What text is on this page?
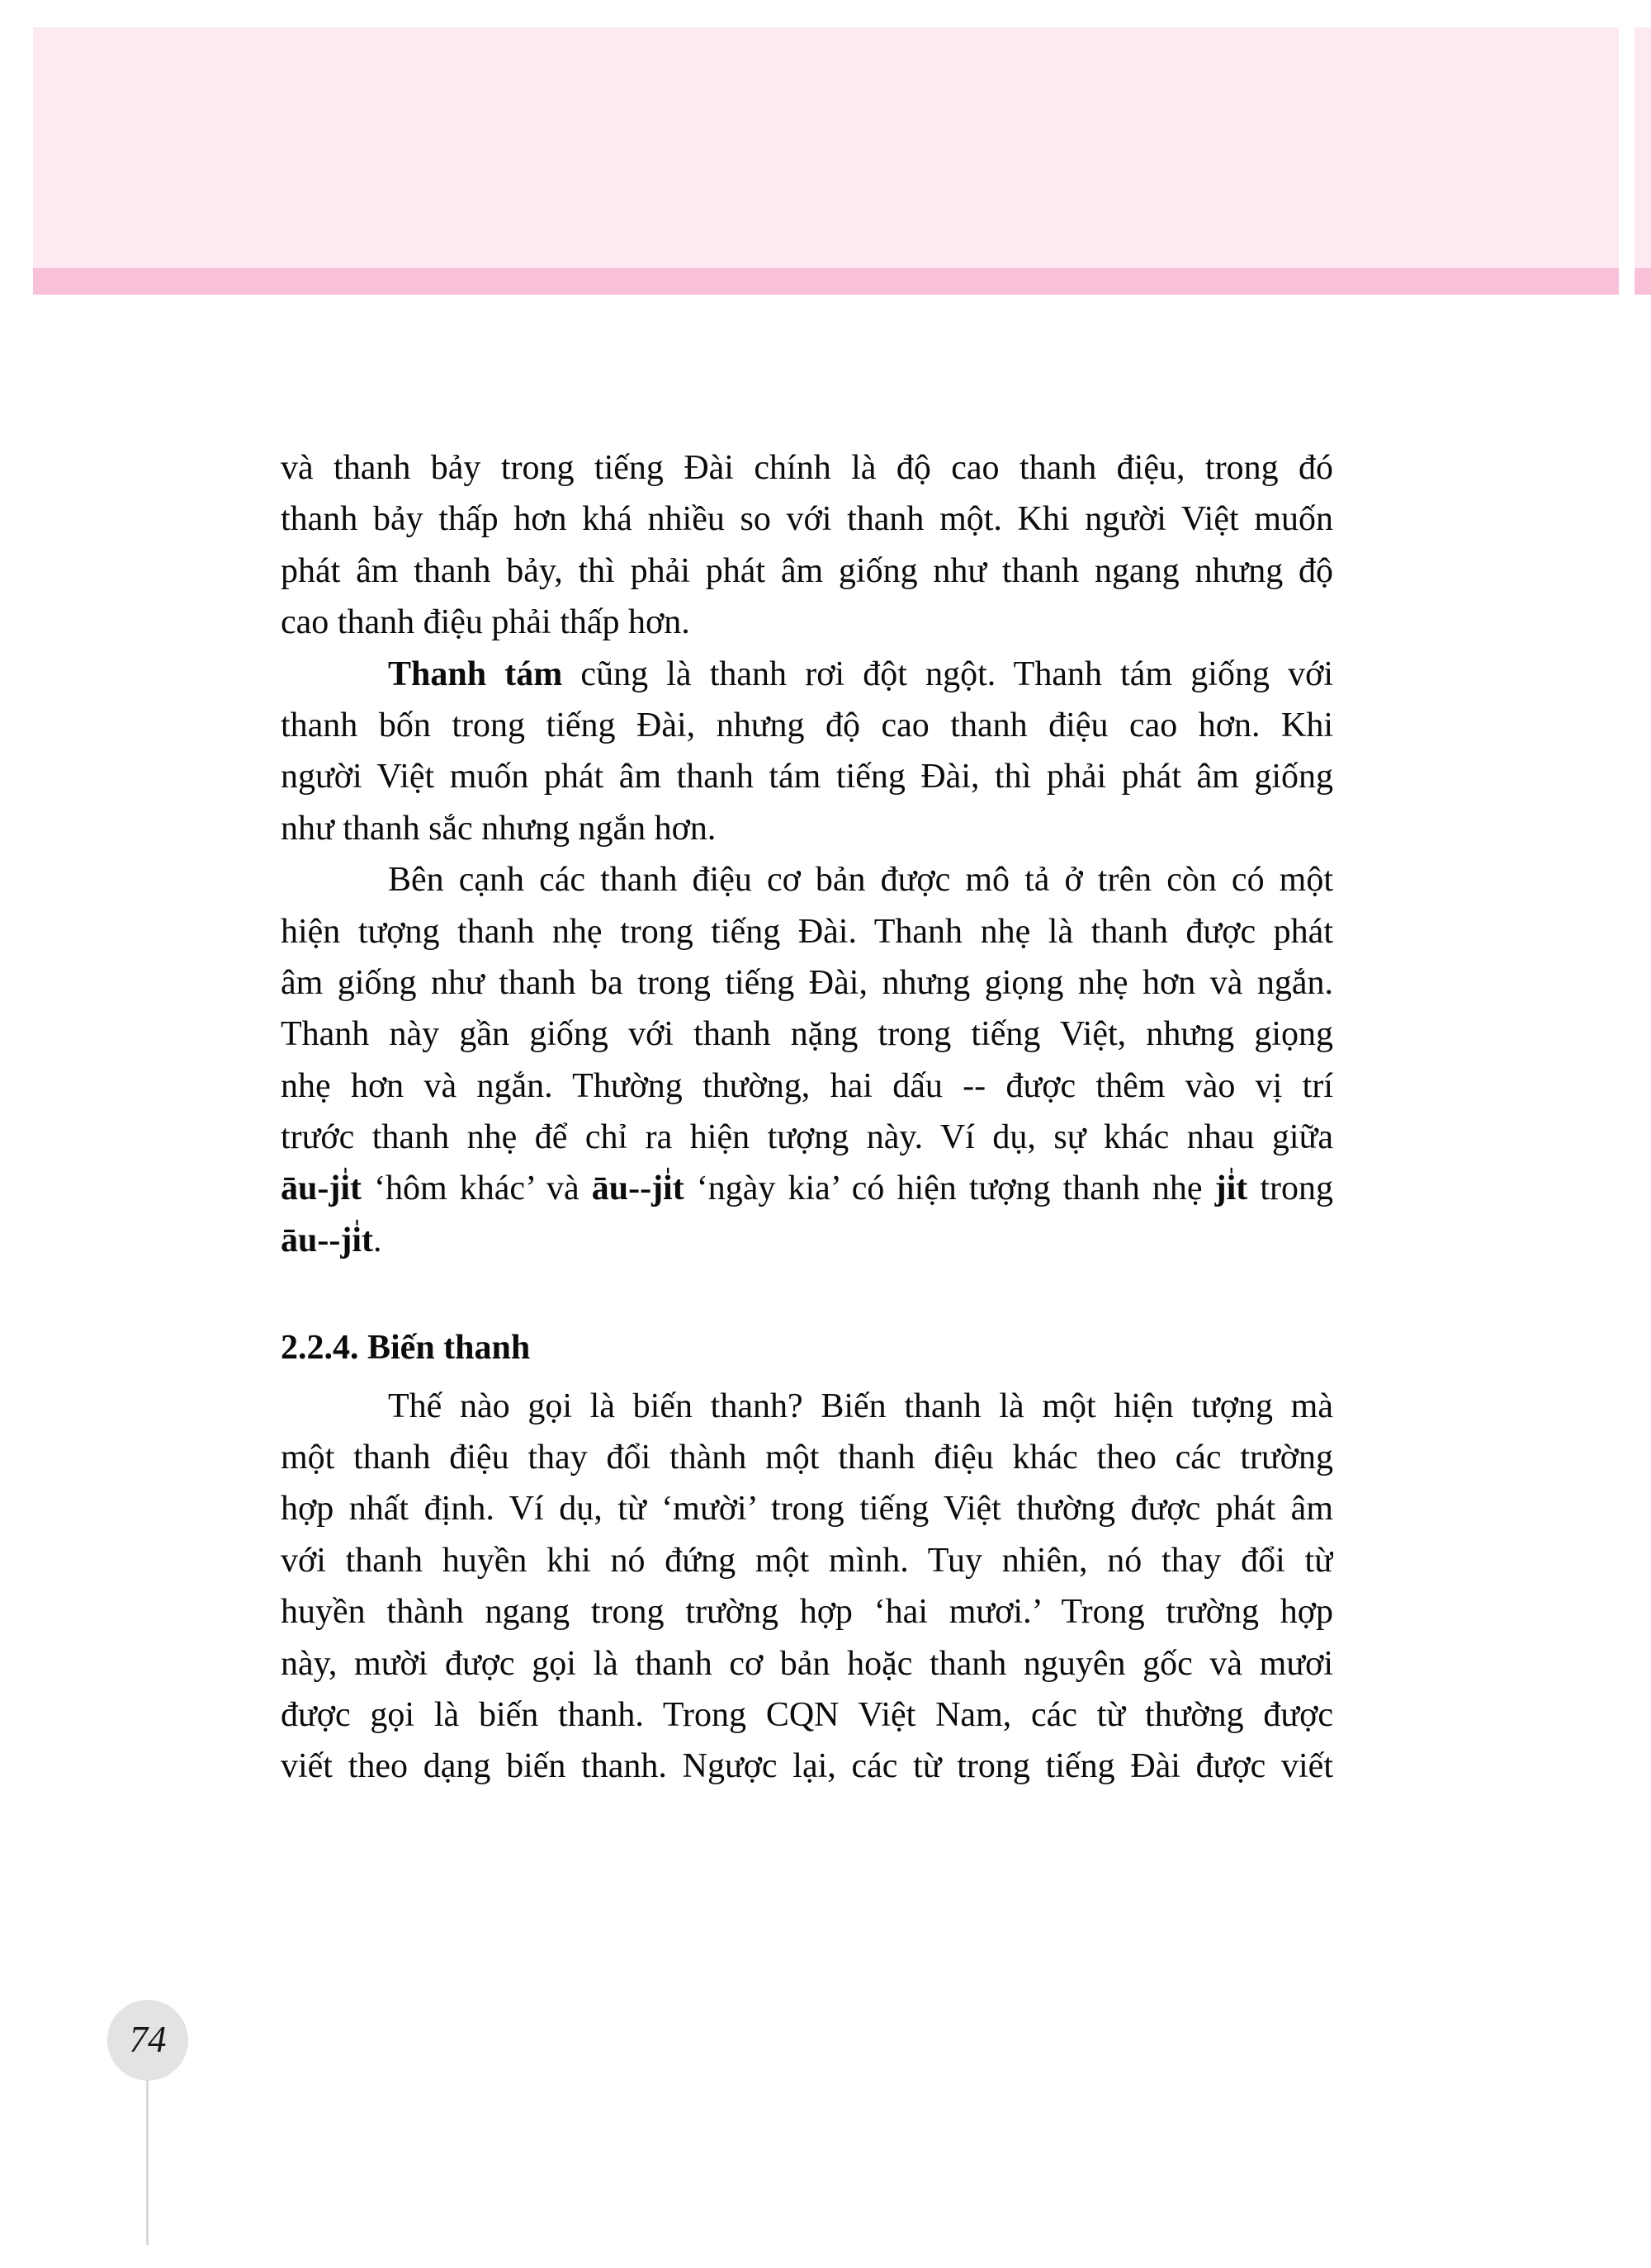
và thanh bảy trong tiếng Đài chính là độ cao thanh điệu, trong đó
thanh bảy thấp hơn khá nhiều so với thanh một. Khi người Việt muốn
phát âm thanh bảy, thì phải phát âm giống như thanh ngang nhưng độ
cao thanh điệu phải thấp hơn.
Thanh tám cũng là thanh rơi đột ngột. Thanh tám giống với
thanh bốn trong tiếng Đài, nhưng độ cao thanh điệu cao hơn. Khi
người Việt muốn phát âm thanh tám tiếng Đài, thì phải phát âm giống
như thanh sắc nhưng ngắn hơn.
Bên cạnh các thanh điệu cơ bản được mô tả ở trên còn có một
hiện tượng thanh nhẹ trong tiếng Đài. Thanh nhẹ là thanh được phát
âm giống như thanh ba trong tiếng Đài, nhưng giọng nhẹ hơn và ngắn.
Thanh này gần giống với thanh nặng trong tiếng Việt, nhưng giọng
nhẹ hơn và ngắn. Thường thường, hai dấu -- được thêm vào vị trí
trước thanh nhẹ để chỉ ra hiện tượng này. Ví dụ, sự khác nhau giữa
āu-ji̍t ‘hôm khác’ và āu--ji̍t ‘ngày kia’ có hiện tượng thanh nhẹ ji̍t trong
āu--ji̍t.
2.2.4. Biến thanh
Thế nào gọi là biến thanh? Biến thanh là một hiện tượng mà
một thanh điệu thay đổi thành một thanh điệu khác theo các trường
hợp nhất định. Ví dụ, từ ‘mười’ trong tiếng Việt thường được phát âm
với thanh huyền khi nó đứng một mình. Tuy nhiên, nó thay đổi từ
huyền thành ngang trong trường hợp ‘hai mươi.’ Trong trường hợp
này, mười được gọi là thanh cơ bản hoặc thanh nguyên gốc và mươi
được gọi là biến thanh. Trong CQN Việt Nam, các từ thường được
viết theo dạng biến thanh. Ngược lại, các từ trong tiếng Đài được viết
74
